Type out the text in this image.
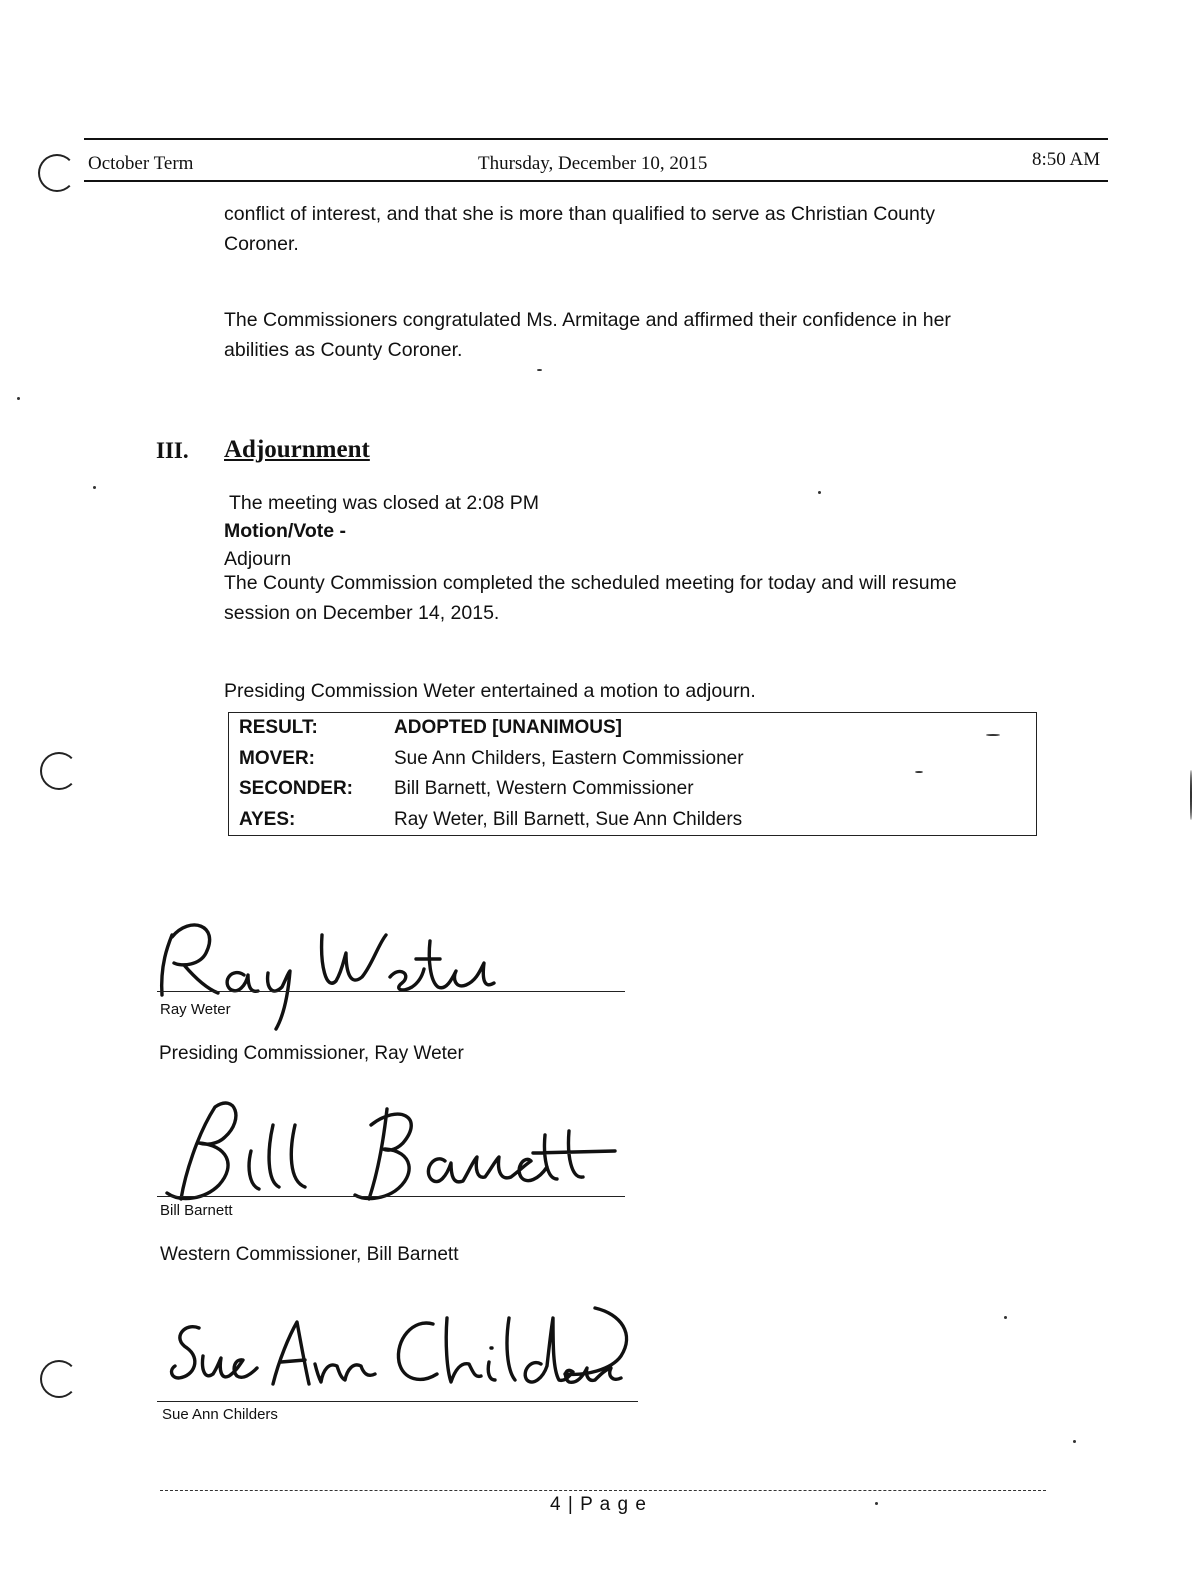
October Term	Thursday, December 10, 2015	8:50 AM
conflict of interest, and that she is more than qualified to serve as Christian County
Coroner.
The Commissioners congratulated Ms. Armitage and affirmed their confidence in her
abilities as County Coroner.
III. Adjournment
The meeting was closed at 2:08 PM
Motion/Vote -
Adjourn
The County Commission completed the scheduled meeting for today and will resume
session on December 14, 2015.
Presiding Commission Weter entertained a motion to adjourn.
RESULT:	ADOPTED [UNANIMOUS]
MOVER:	Sue Ann Childers, Eastern Commissioner
SECONDER:	Bill Barnett, Western Commissioner
AYES:	Ray Weter, Bill Barnett, Sue Ann Childers
Ray Weter
Presiding Commissioner, Ray Weter
Bill Barnett
Western Commissioner, Bill Barnett
Sue Ann Childers
4 | P a g e
